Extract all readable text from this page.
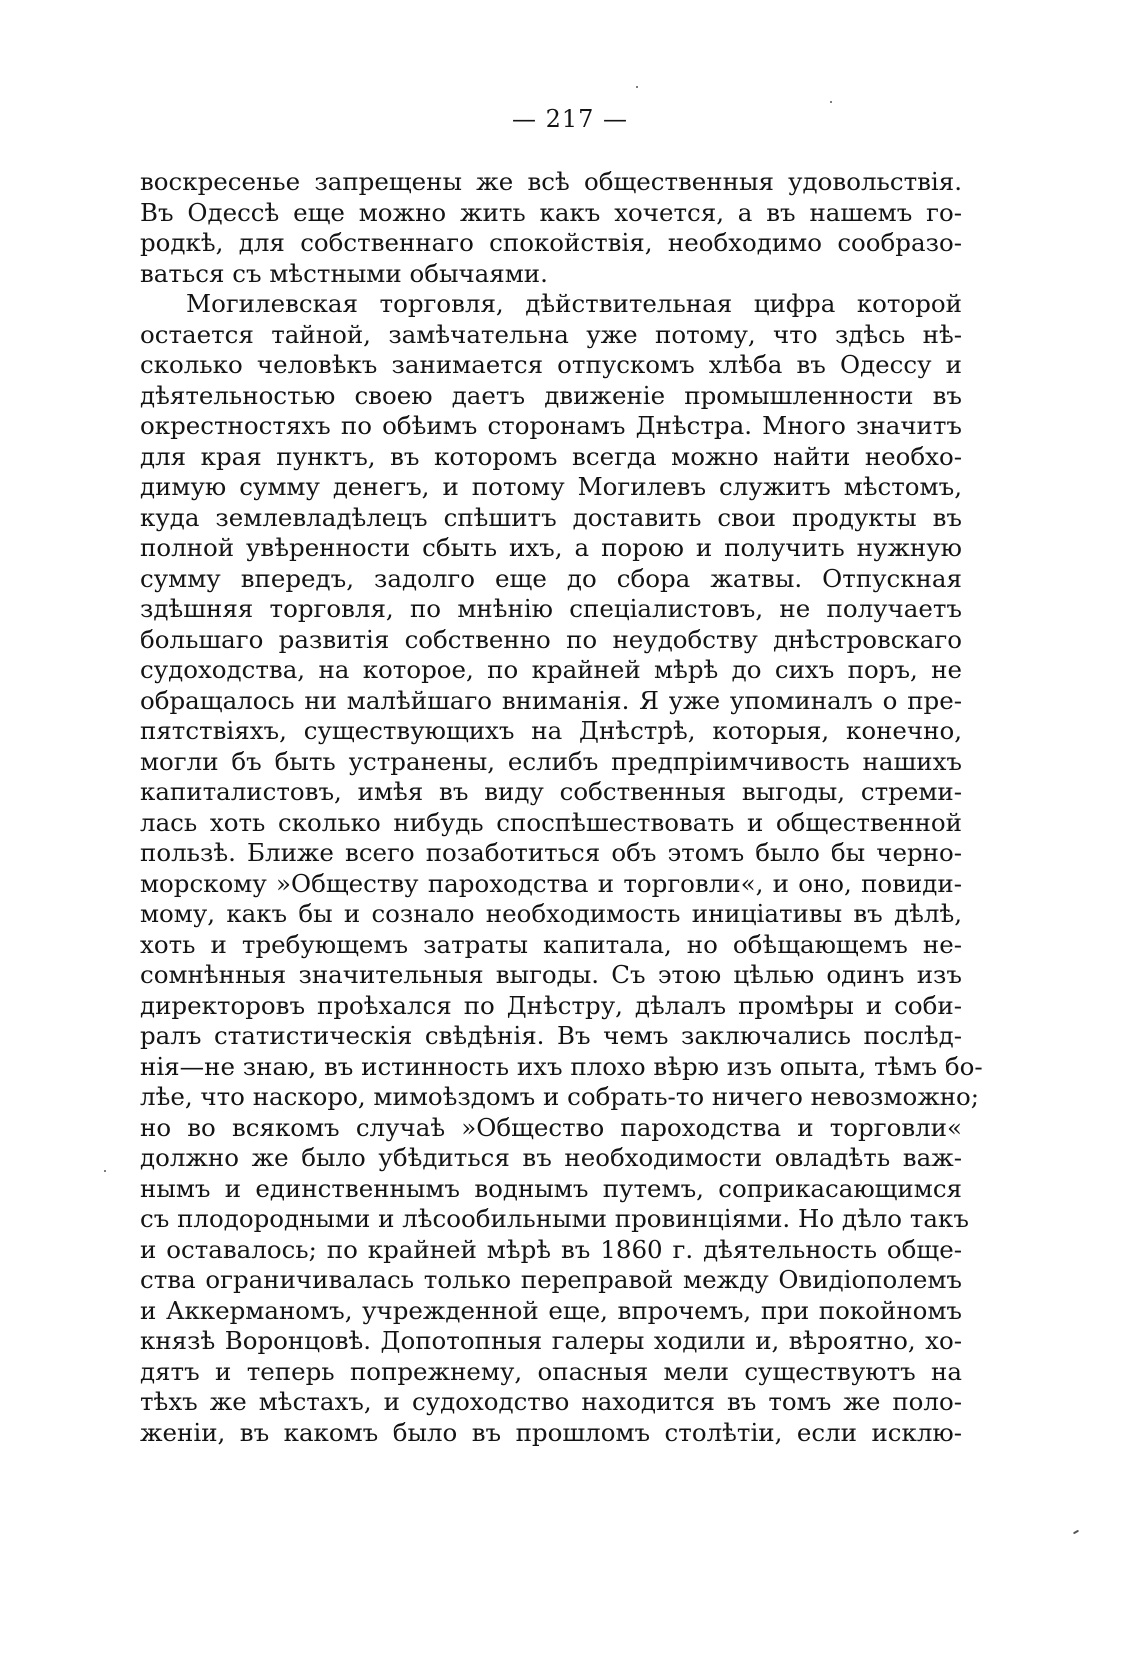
— 217 —
воскресенье запрещены же всѣ общественныя удовольствія.
Въ Одессѣ еще можно жить какъ хочется, а въ нашемъ го-
родкѣ, для собственнаго спокойствія, необходимо сообразо-
ваться съ мѣстными обычаями.
Могилевская торговля, дѣйствительная цифра которой
остается тайной, замѣчательна уже потому, что здѣсь нѣ-
сколько человѣкъ занимается отпускомъ хлѣба въ Одессу и
дѣятельностью своею даетъ движеніе промышленности въ
окрестностяхъ по обѣимъ сторонамъ Днѣстра. Много значитъ
для края пунктъ, въ которомъ всегда можно найти необхо-
димую сумму денегъ, и потому Могилевъ служитъ мѣстомъ,
куда землевладѣлецъ спѣшитъ доставить свои продукты въ
полной увѣренности сбыть ихъ, а порою и получить нужную
сумму впередъ, задолго еще до сбора жатвы. Отпускная
здѣшняя торговля, по мнѣнію спеціалистовъ, не получаетъ
большаго развитія собственно по неудобству днѣстровскаго
судоходства, на которое, по крайней мѣрѣ до сихъ поръ, не
обращалось ни малѣйшаго вниманія. Я уже упоминалъ о пре-
пятствіяхъ, существующихъ на Днѣстрѣ, которыя, конечно,
могли бъ быть устранены, еслибъ предпріимчивость нашихъ
капиталистовъ, имѣя въ виду собственныя выгоды, стреми-
лась хоть сколько нибудь споспѣшествовать и общественной
пользѣ. Ближе всего позаботиться объ этомъ было бы черно-
морскому »Обществу пароходства и торговли«, и оно, повиди-
мому, какъ бы и сознало необходимость иниціативы въ дѣлѣ,
хоть и требующемъ затраты капитала, но обѣщающемъ не-
сомнѣнныя значительныя выгоды. Съ этою цѣлью одинъ изъ
директоровъ проѣхался по Днѣстру, дѣлалъ промѣры и соби-
ралъ статистическія свѣдѣнія. Въ чемъ заключались послѣд-
нія—не знаю, въ истинность ихъ плохо вѣрю изъ опыта, тѣмъ бо-
лѣе, что наскоро, мимоѣздомъ и собрать-то ничего невозможно;
но во всякомъ случаѣ »Общество пароходства и торговли«
должно же было убѣдиться въ необходимости овладѣть важ-
нымъ и единственнымъ воднымъ путемъ, соприкасающимся
съ плодородными и лѣсообильными провинціями. Но дѣло такъ
и оставалось; по крайней мѣрѣ въ 1860 г. дѣятельность обще-
ства ограничивалась только переправой между Овидіополемъ
и Аккерманомъ, учрежденной еще, впрочемъ, при покойномъ
князѣ Воронцовѣ. Допотопныя галеры ходили и, вѣроятно, хо-
дятъ и теперь попрежнему, опасныя мели существуютъ на
тѣхъ же мѣстахъ, и судоходство находится въ томъ же поло-
женіи, въ какомъ было въ прошломъ столѣтіи, если исклю-
